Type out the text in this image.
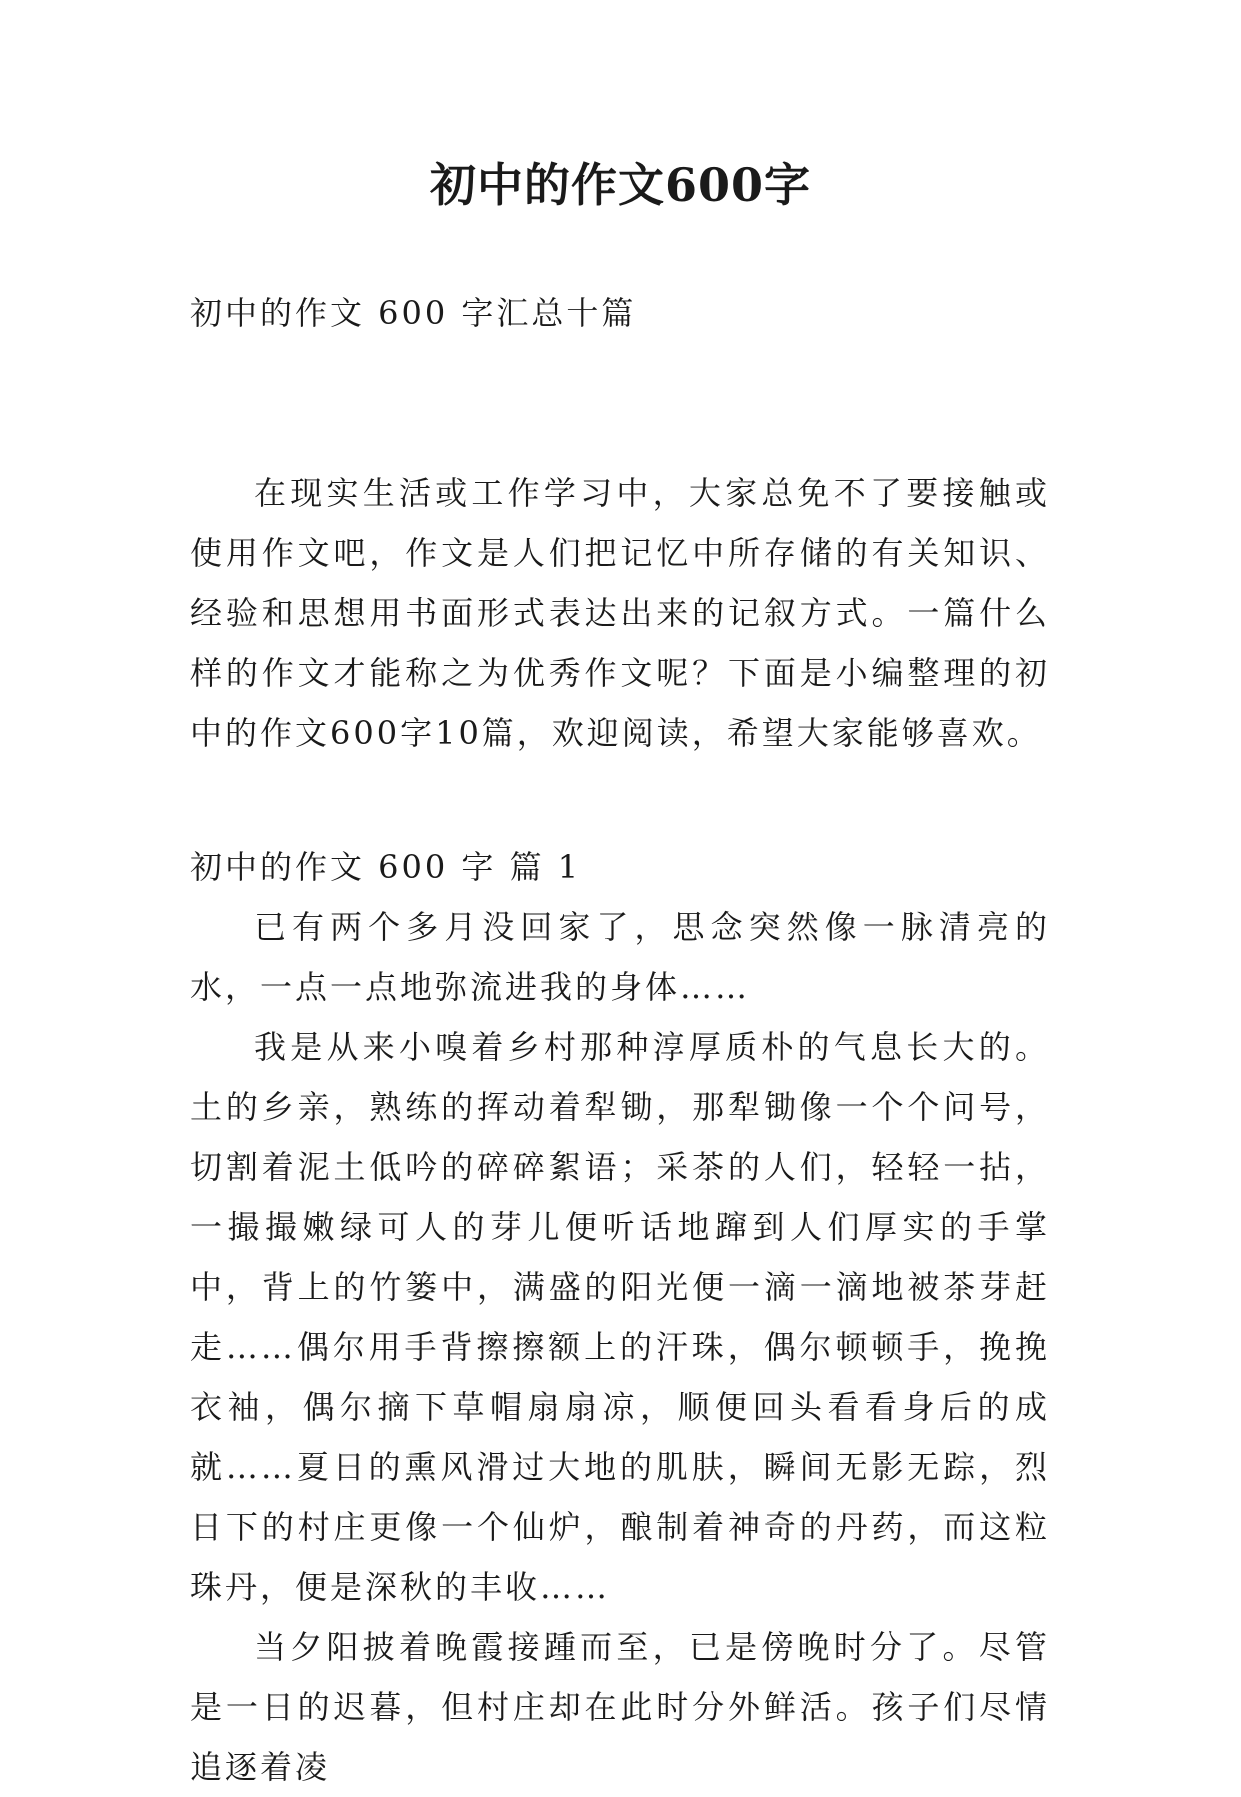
初中的作文600字

初中的作文 600 字汇总十篇

在现实生活或工作学习中，大家总免不了要接触或使用作文吧，作文是人们把记忆中所存储的有关知识、经验和思想用书面形式表达出来的记叙方式。一篇什么样的作文才能称之为优秀作文呢？下面是小编整理的初中的作文600字10篇，欢迎阅读，希望大家能够喜欢。

初中的作文 600 字 篇 1

已有两个多月没回家了，思念突然像一脉清亮的水，一点一点地弥流进我的身体……

我是从来小嗅着乡村那种淳厚质朴的气息长大的。土的乡亲，熟练的挥动着犁锄，那犁锄像一个个问号，切割着泥土低吟的碎碎絮语；采茶的人们，轻轻一拈，一撮撮嫩绿可人的芽儿便听话地蹿到人们厚实的手掌中，背上的竹篓中，满盛的阳光便一滴一滴地被茶芽赶走……偶尔用手背擦擦额上的汗珠，偶尔顿顿手，挽挽衣袖，偶尔摘下草帽扇扇凉，顺便回头看看身后的成就……夏日的熏风滑过大地的肌肤，瞬间无影无踪，烈日下的村庄更像一个仙炉，酿制着神奇的丹药，而这粒珠丹，便是深秋的丰收……

当夕阳披着晚霞接踵而至，已是傍晚时分了。尽管是一日的迟暮，但村庄却在此时分外鲜活。孩子们尽情追逐着凌
